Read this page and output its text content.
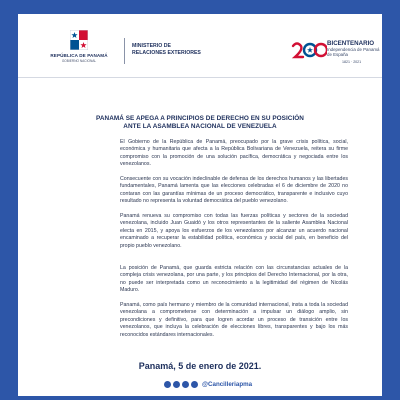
REPÚBLICA DE PANAMÁ
GOBIERNO NACIONAL
MINISTERIO DE
RELACIONES EXTERIORES
BICENTENARIO
Independencia de Panamá
de España
1821 · 2021
PANAMÁ SE APEGA A PRINCIPIOS DE DERECHO EN SU POSICIÓN
ANTE LA ASAMBLEA NACIONAL DE VENEZUELA

El Gobierno de la República de Panamá, preocupado por la grave crisis política, social, económica y humanitaria que afecta a la República Bolivariana de Venezuela, reitera su firme compromiso con la promoción de una solución pacífica, democrática y negociada entre los venezolanos.

Consecuente con su vocación indeclinable de defensa de los derechos humanos y las libertades fundamentales, Panamá lamenta que las elecciones celebradas el 6 de diciembre de 2020 no contaran con las garantías mínimas de un proceso democrático, transparente e inclusivo cuyo resultado no representa la voluntad democrática del pueblo venezolano.

Panamá renueva su compromiso con todas las fuerzas políticas y sectores de la sociedad venezolana, incluido Juan Guaidó y los otros representantes de la saliente Asamblea Nacional electa en 2015, y apoya los esfuerzos de los venezolanos por alcanzar un acuerdo nacional encaminado a recuperar la estabilidad política, económica y social del país, en beneficio del propio pueblo venezolano.

La posición de Panamá, que guarda estricta relación con las circunstancias actuales de la compleja crisis venezolana, por una parte, y los principios del Derecho Internacional, por la otra, no puede ser interpretada como un reconocimiento a la legitimidad del régimen de Nicolás Maduro.

Panamá, como país hermano y miembro de la comunidad internacional, insta a toda la sociedad venezolana a comprometerse con determinación a impulsar un diálogo amplio, sin precondiciones y definitivo, para que logren acordar un proceso de transición entre los venezolanos, que incluya la celebración de elecciones libres, transparentes y bajo los más reconocidos estándares internacionales.

Panamá, 5 de enero de 2021.
@Cancilleriapma
